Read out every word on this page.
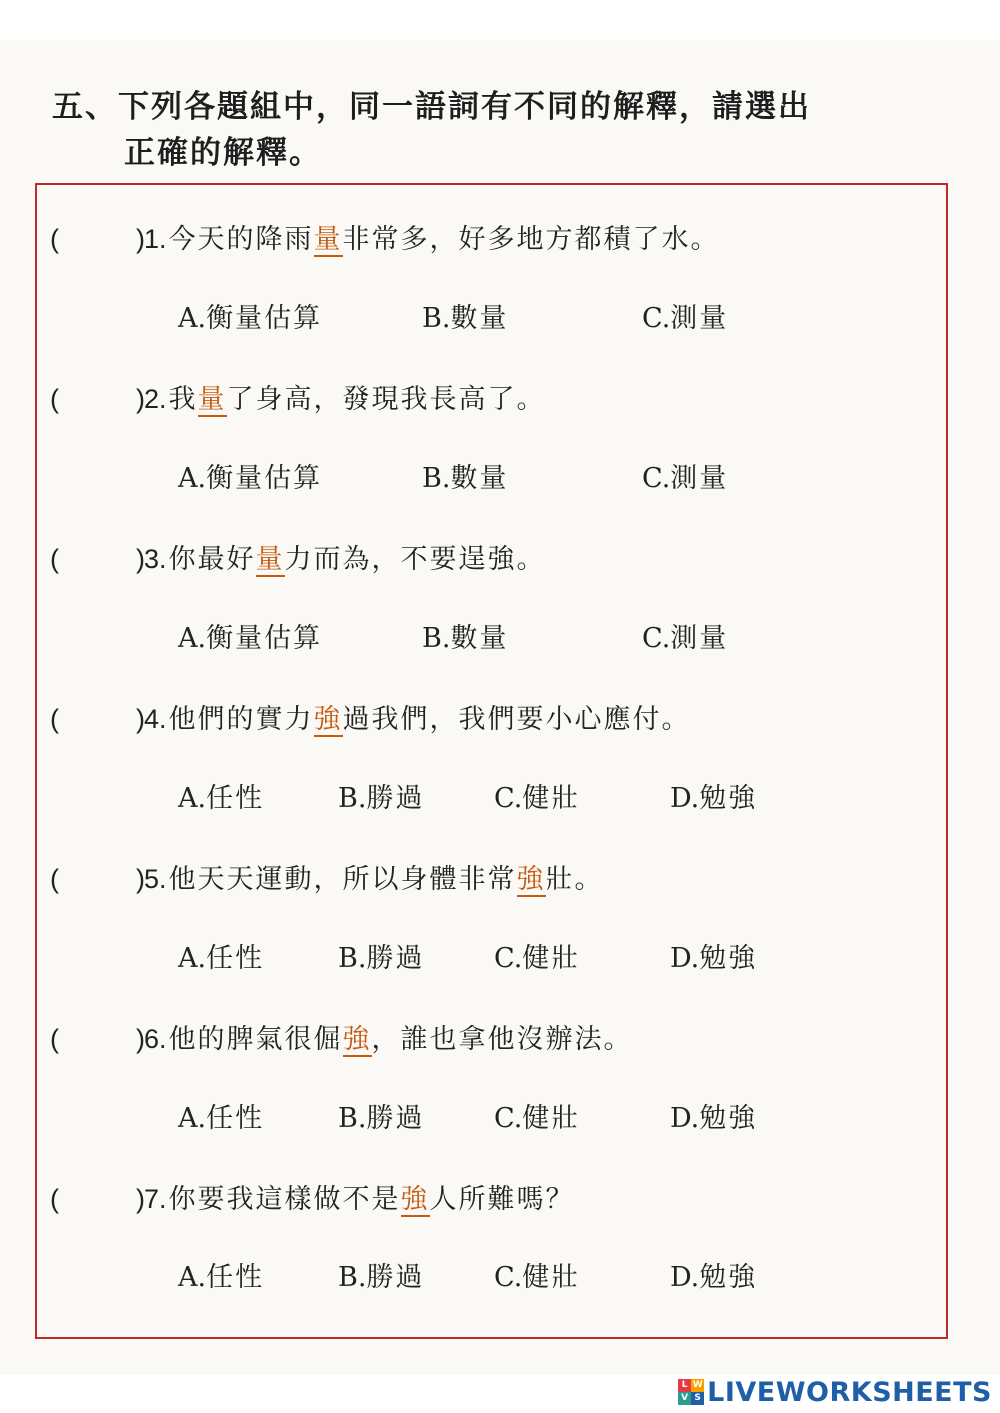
五、下列各題組中，同一語詞有不同的解釋，請選出
正確的解釋。
(	) 1.今天的降雨量非常多，好多地方都積了水。
A.衡量估算	B.數量	C.測量
(	) 2.我量了身高，發現我長高了。
A.衡量估算	B.數量	C.測量
(	) 3.你最好量力而為，不要逞強。
A.衡量估算	B.數量	C.測量
(	) 4.他們的實力強過我們，我們要小心應付。
A.任性	B.勝過	C.健壯	D.勉強
(	) 5.他天天運動，所以身體非常強壯。
A.任性	B.勝過	C.健壯	D.勉強
(	) 6.他的脾氣很倔強，誰也拿他沒辦法。
A.任性	B.勝過	C.健壯	D.勉強
(	) 7.你要我這樣做不是強人所難嗎？
A.任性	B.勝過	C.健壯	D.勉強
L W
V S LIVEWORKSHEETS
